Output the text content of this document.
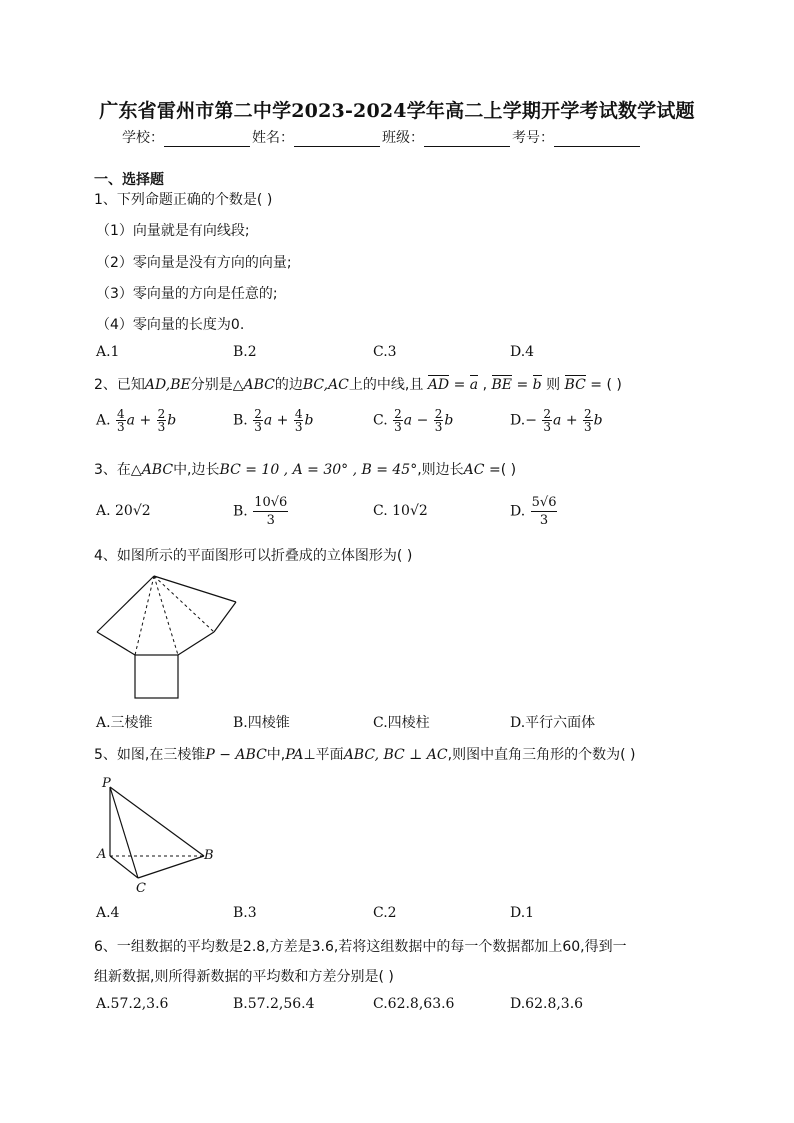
广东省雷州市第二中学2023-2024学年高二上学期开学考试数学试题
学校：	姓名：	班级：	考号：
一、选择题
1、下列命题正确的个数是( )
（1）向量就是有向线段;
（2）零向量是没有方向的向量;
（3）零向量的方向是任意的;
（4）零向量的长度为0.
A.1	B.2	C.3	D.4
2、已知AD,BE分别是△ABC的边BC,AC上的中线,且 AD = a , BE = b 则 BC = ( )
A. $\frac{4}{3}$ $a + \frac{2}{3}$ b	B. $\frac{2}{3}$ $a + \frac{4}{3}$ b	C. $\frac{2}{3}$ $a - \frac{2}{3}$ b	$D.- \frac{2}{3}$ $a + \frac{2}{3}$ b
3、在△ABC中,边长BC = 10 , A = 30° , B = 45°,则边长AC =( )
A. 20√2	B. $\frac{10√6}{3}$	C. 10√2	D. $\frac{5√6}{3}$
4、如图所示的平面图形可以折叠成的立体图形为( )
A.三棱锥	B.四棱锥	C.四棱柱	D.平行六面体
5、如图,在三棱锥P − ABC中,PA⊥平面ABC, BC ⊥ AC,则图中直角三角形的个数为( )
P
A	B
C
A.4	B.3	C.2	D.1
6、一组数据的平均数是2.8,方差是3.6,若将这组数据中的每一个数据都加上60,得到一
组新数据,则所得新数据的平均数和方差分别是( )
A.57.2,3.6	B.57.2,56.4	C.62.8,63.6	D.62.8,3.6
